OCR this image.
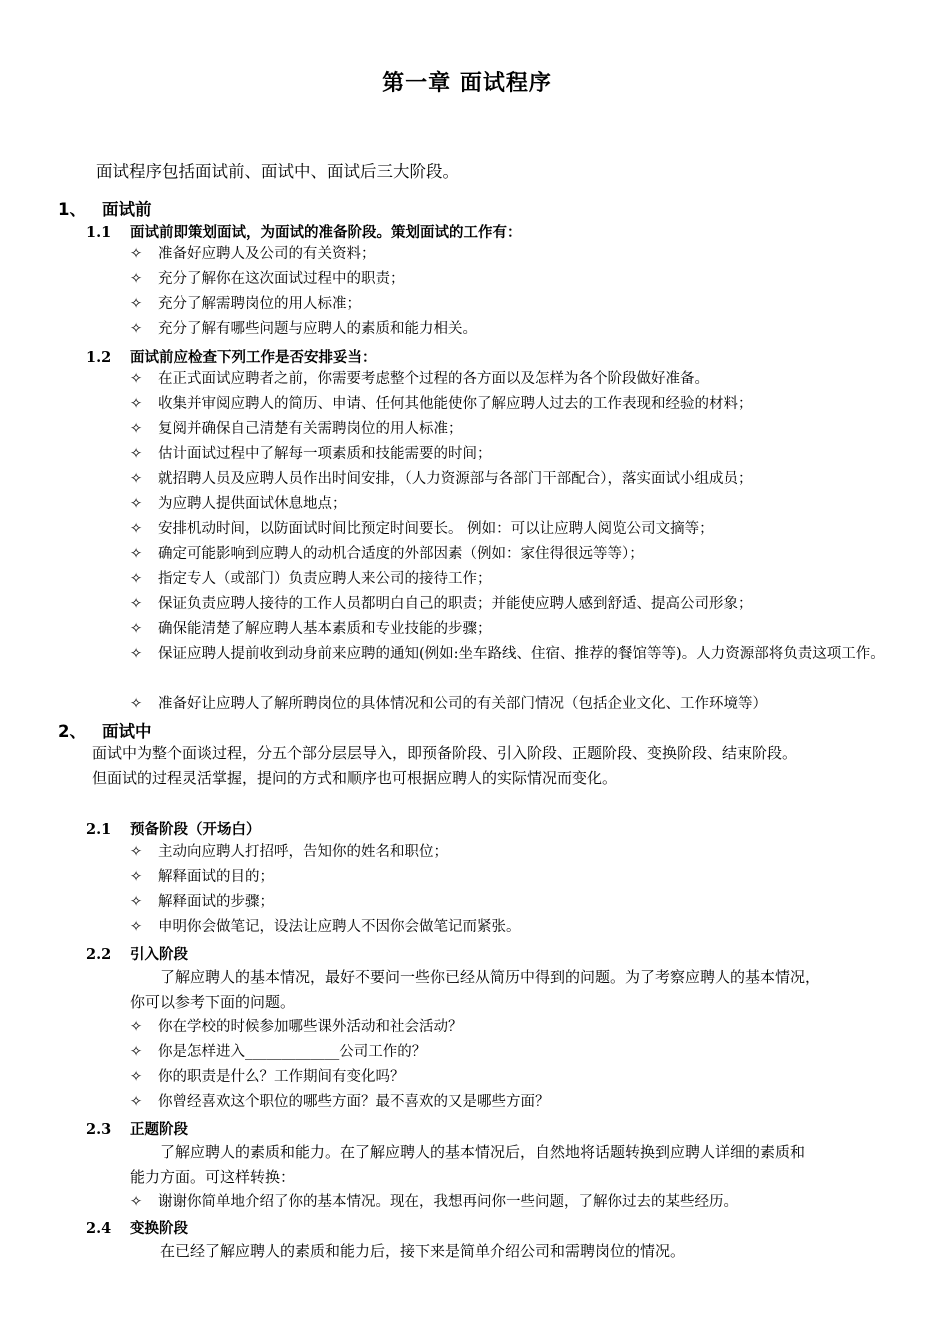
第一章 面试程序
面试程序包括面试前、面试中、面试后三大阶段。
1、 面试前
1.1 面试前即策划面试，为面试的准备阶段。策划面试的工作有：
✧ 准备好应聘人及公司的有关资料；
✧ 充分了解你在这次面试过程中的职责；
✧ 充分了解需聘岗位的用人标准；
✧ 充分了解有哪些问题与应聘人的素质和能力相关。
1.2 面试前应检查下列工作是否安排妥当：
✧ 在正式面试应聘者之前，你需要考虑整个过程的各方面以及怎样为各个阶段做好准备。
✧ 收集并审阅应聘人的简历、申请、任何其他能使你了解应聘人过去的工作表现和经验的材料；
✧ 复阅并确保自己清楚有关需聘岗位的用人标准；
✧ 估计面试过程中了解每一项素质和技能需要的时间；
✧ 就招聘人员及应聘人员作出时间安排，（人力资源部与各部门干部配合），落实面试小组成员；
✧ 为应聘人提供面试休息地点；
✧ 安排机动时间，以防面试时间比预定时间要长。 例如：可以让应聘人阅览公司文摘等；
✧ 确定可能影响到应聘人的动机合适度的外部因素（例如：家住得很远等等）；
✧ 指定专人（或部门）负责应聘人来公司的接待工作；
✧ 保证负责应聘人接待的工作人员都明白自己的职责；并能使应聘人感到舒适、提高公司形象；
✧ 确保能清楚了解应聘人基本素质和专业技能的步骤；
✧ 保证应聘人提前收到动身前来应聘的通知(例如:坐车路线、住宿、推荐的餐馆等等)。人力资源部将负责这项工作。
✧ 准备好让应聘人了解所聘岗位的具体情况和公司的有关部门情况（包括企业文化、工作环境等）
2、 面试中
面试中为整个面谈过程，分五个部分层层导入，即预备阶段、引入阶段、正题阶段、变换阶段、结束阶段。
但面试的过程灵活掌握，提问的方式和顺序也可根据应聘人的实际情况而变化。
2.1 预备阶段（开场白）
✧ 主动向应聘人打招呼，告知你的姓名和职位；
✧ 解释面试的目的；
✧ 解释面试的步骤；
✧ 申明你会做笔记，设法让应聘人不因你会做笔记而紧张。
2.2 引入阶段
了解应聘人的基本情况，最好不要问一些你已经从简历中得到的问题。为了考察应聘人的基本情况，
你可以参考下面的问题。
✧ 你在学校的时候参加哪些课外活动和社会活动？
✧ 你是怎样进入_____________公司工作的？
✧ 你的职责是什么？工作期间有变化吗？
✧ 你曾经喜欢这个职位的哪些方面？最不喜欢的又是哪些方面？
2.3 正题阶段
了解应聘人的素质和能力。在了解应聘人的基本情况后，自然地将话题转换到应聘人详细的素质和
能力方面。可这样转换：
✧ 谢谢你简单地介绍了你的基本情况。现在，我想再问你一些问题，了解你过去的某些经历。
2.4 变换阶段
在已经了解应聘人的素质和能力后，接下来是简单介绍公司和需聘岗位的情况。
